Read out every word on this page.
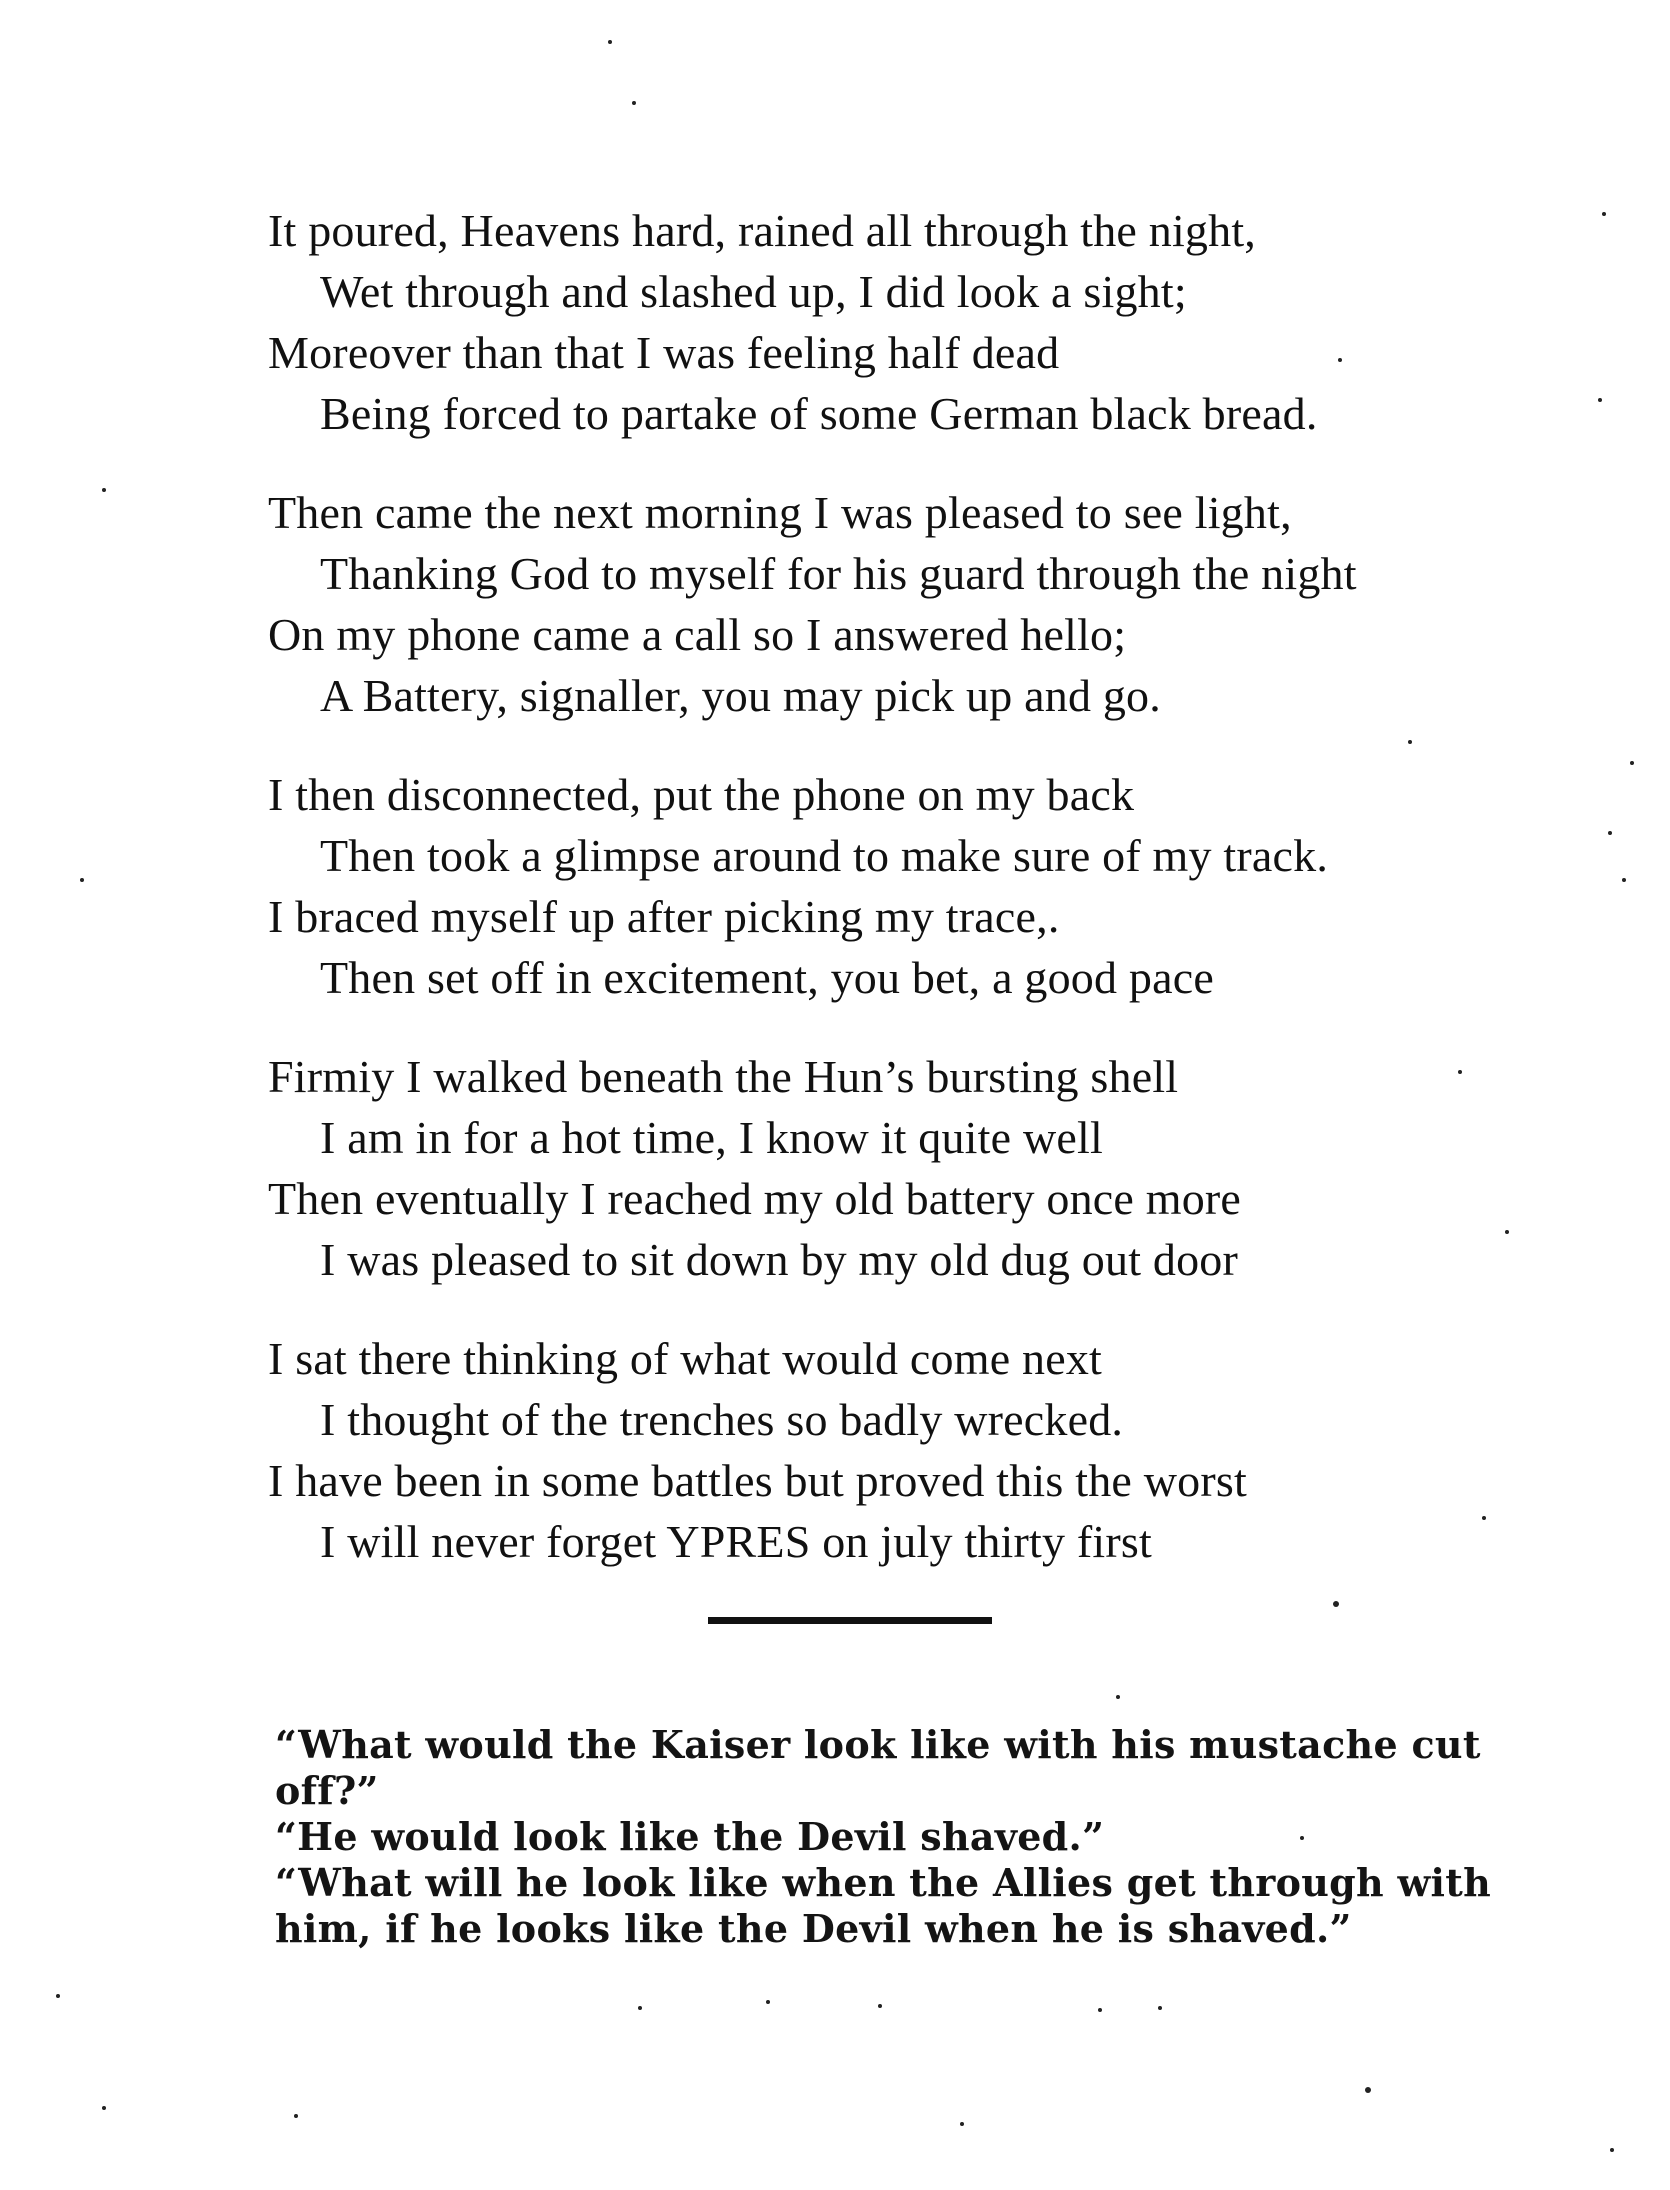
It poured, Heavens hard, rained all through the night,
Wet through and slashed up, I did look a sight;
Moreover than that I was feeling half dead
Being forced to partake of some German black bread.
Then came the next morning I was pleased to see light,
Thanking God to myself for his guard through the night
On my phone came a call so I answered hello;
A Battery, signaller, you may pick up and go.
I then disconnected, put the phone on my back
Then took a glimpse around to make sure of my track.
I braced myself up after picking my trace,.
Then set off in excitement, you bet, a good pace
Firmiy I walked beneath the Hun’s bursting shell
I am in for a hot time, I know it quite well
Then eventually I reached my old battery once more
I was pleased to sit down by my old dug out door
I sat there thinking of what would come next
I thought of the trenches so badly wrecked.
I have been in some battles but proved this the worst
I will never forget YPRES on july thirty first
“What would the Kaiser look like with his mustache cut
off?”
“He would look like the Devil shaved.”
“What will he look like when the Allies get through with
him, if he looks like the Devil when he is shaved.”
